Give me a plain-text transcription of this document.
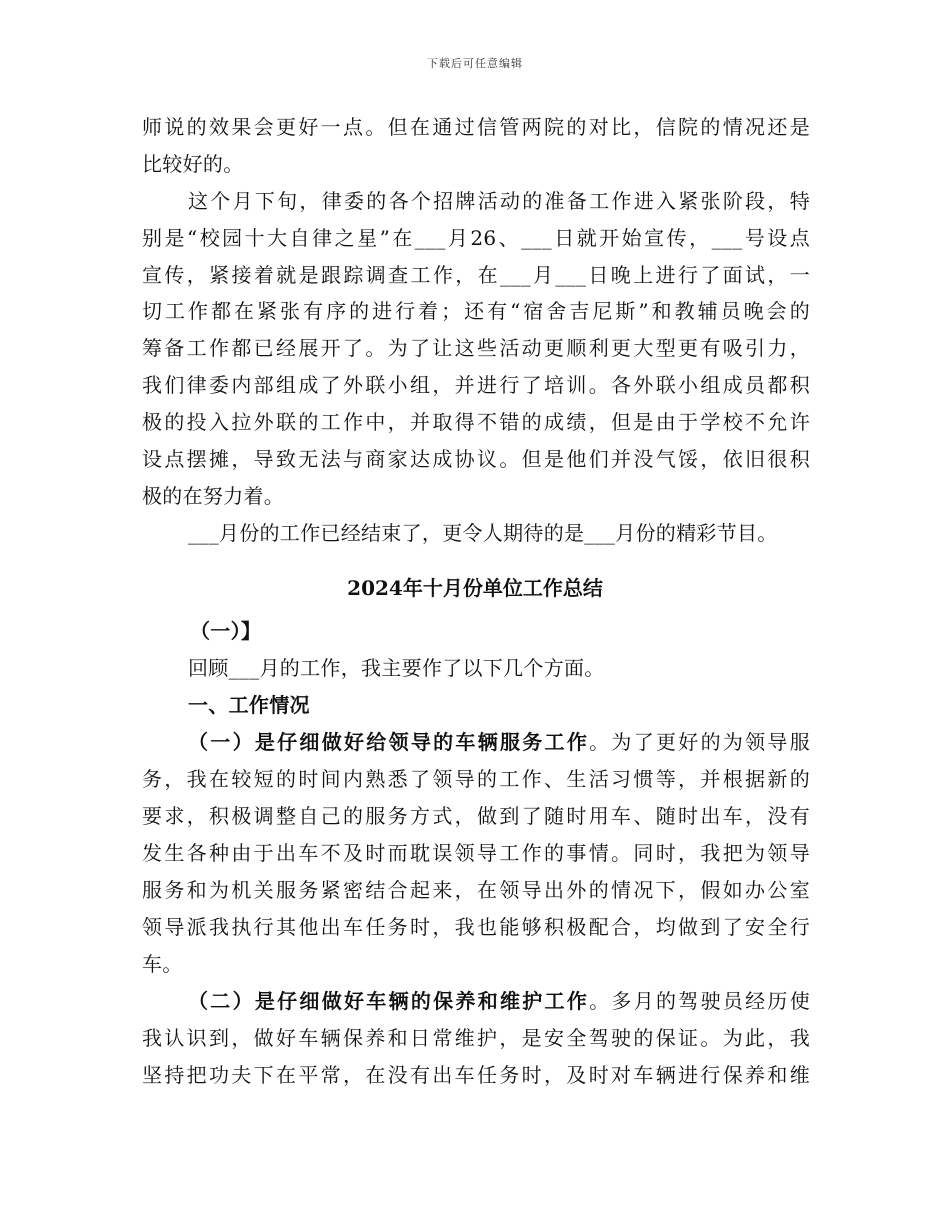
下载后可任意编辑
师说的效果会更好一点。但在通过信管两院的对比，信院的情况还是
比较好的。
这个月下旬，律委的各个招牌活动的准备工作进入紧张阶段，特
别是“校园十大自律之星”在___月26、___日就开始宣传，___号设点
宣传，紧接着就是跟踪调查工作，在___月___日晚上进行了面试，一
切工作都在紧张有序的进行着；还有“宿舍吉尼斯”和教辅员晚会的
筹备工作都已经展开了。为了让这些活动更顺利更大型更有吸引力，
我们律委内部组成了外联小组，并进行了培训。各外联小组成员都积
极的投入拉外联的工作中，并取得不错的成绩，但是由于学校不允许
设点摆摊，导致无法与商家达成协议。但是他们并没气馁，依旧很积
极的在努力着。
___月份的工作已经结束了，更令人期待的是___月份的精彩节目。
2024年十月份单位工作总结
（一）】
回顾___月的工作，我主要作了以下几个方面。
一、工作情况
（一）是仔细做好给领导的车辆服务工作。为了更好的为领导服
务，我在较短的时间内熟悉了领导的工作、生活习惯等，并根据新的
要求，积极调整自己的服务方式，做到了随时用车、随时出车，没有
发生各种由于出车不及时而耽误领导工作的事情。同时，我把为领导
服务和为机关服务紧密结合起来，在领导出外的情况下，假如办公室
领导派我执行其他出车任务时，我也能够积极配合，均做到了安全行
车。
（二）是仔细做好车辆的保养和维护工作。多月的驾驶员经历使
我认识到，做好车辆保养和日常维护，是安全驾驶的保证。为此，我
坚持把功夫下在平常，在没有出车任务时，及时对车辆进行保养和维
